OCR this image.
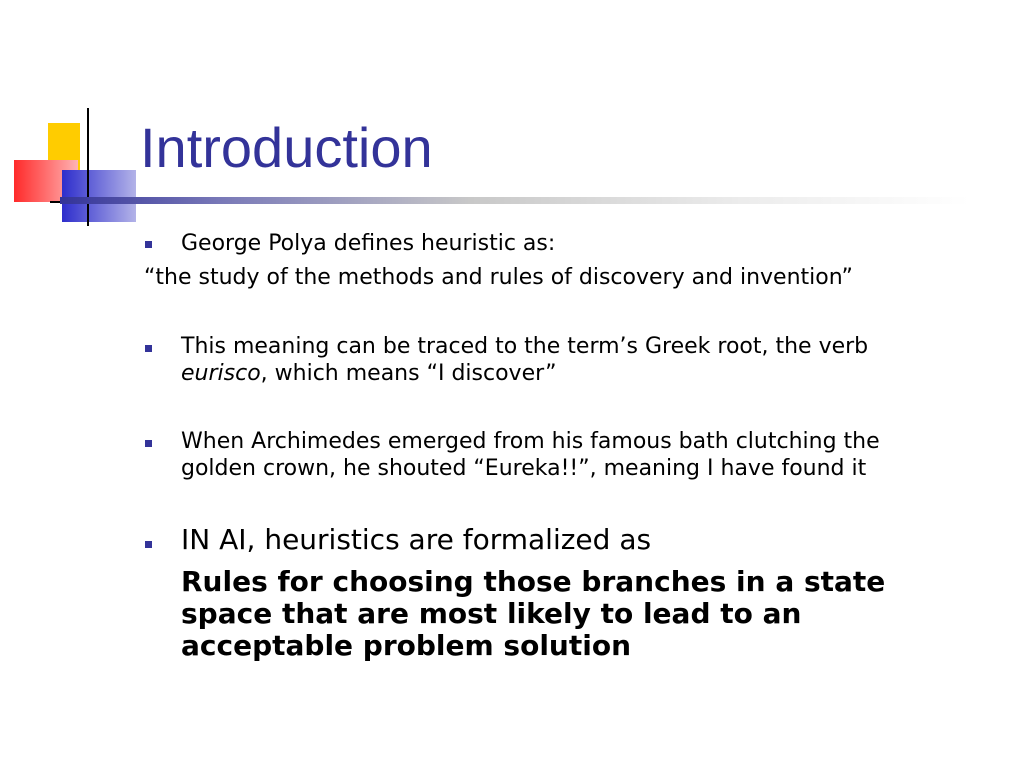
Introduction
George Polya defines heuristic as:
“the study of the methods and rules of discovery and invention”
This meaning can be traced to the term’s Greek root, the verb
eurisco, which means “I discover”
When Archimedes emerged from his famous bath clutching the
golden crown, he shouted “Eureka!!”, meaning I have found it
IN AI, heuristics are formalized as
Rules for choosing those branches in a state
space that are most likely to lead to an
acceptable problem solution
